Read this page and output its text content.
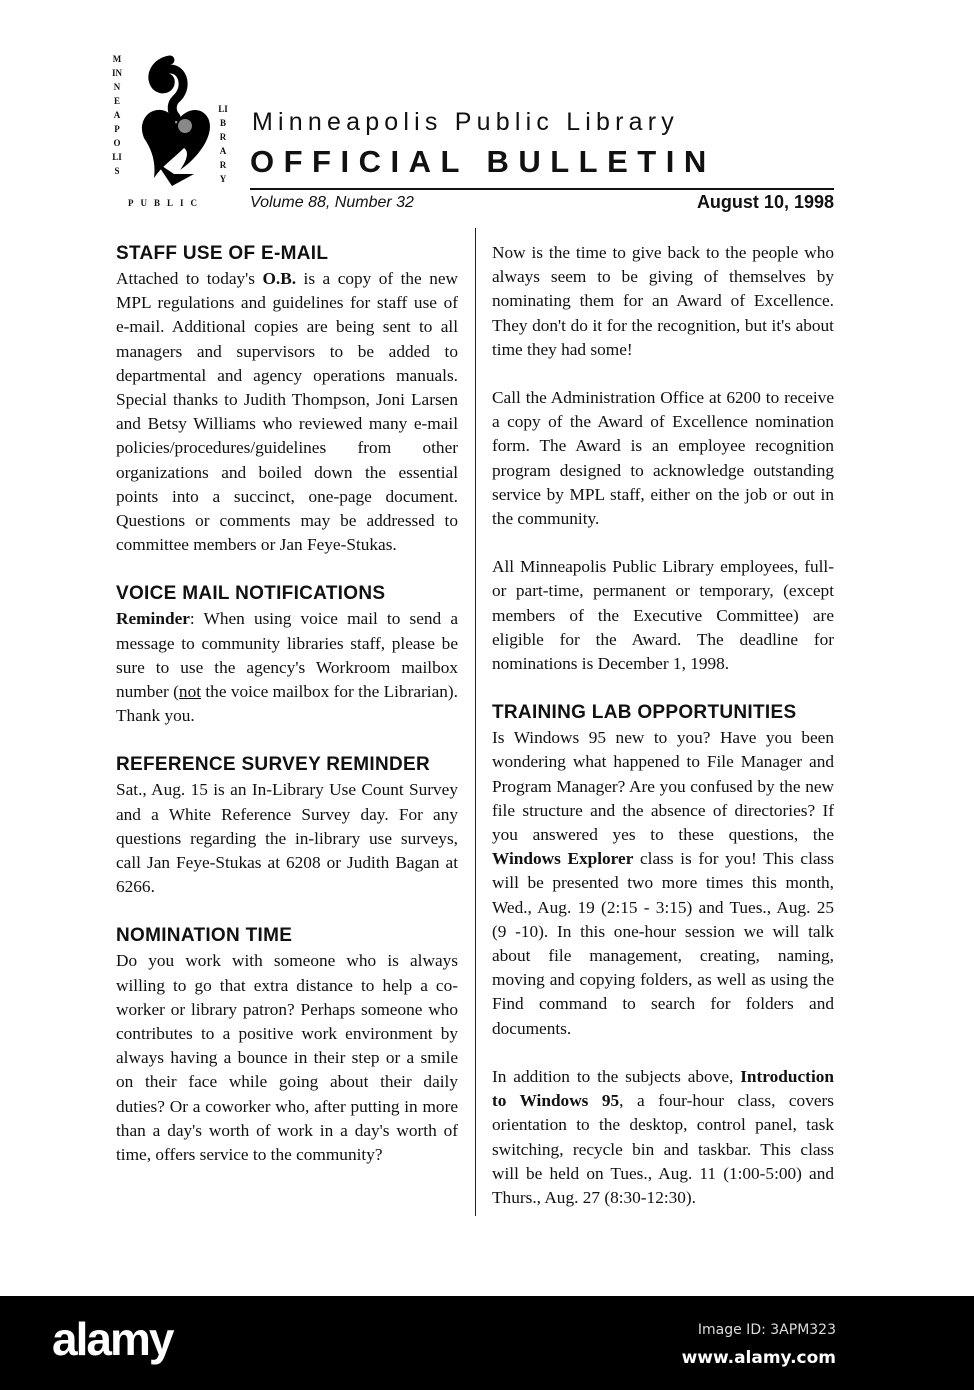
MINNEAPOLIS
LIBRARY
PUBLIC
Minneapolis Public Library
OFFICIAL BULLETIN
Volume 88, Number 32	August 10, 1998
STAFF USE OF E-MAIL

Attached to today's O.B. is a copy of the new MPL regulations and guidelines for staff use of e-mail. Additional copies are being sent to all managers and supervisors to be added to departmental and agency operations manuals. Special thanks to Judith Thompson, Joni Larsen and Betsy Williams who reviewed many e-mail policies/procedures/guidelines from other organizations and boiled down the essential points into a succinct, one-page document. Questions or comments may be addressed to committee members or Jan Feye-Stukas.

VOICE MAIL NOTIFICATIONS

Reminder: When using voice mail to send a message to community libraries staff, please be sure to use the agency's Workroom mailbox number (not the voice mailbox for the Librarian). Thank you.

REFERENCE SURVEY REMINDER

Sat., Aug. 15 is an In-Library Use Count Survey and a White Reference Survey day. For any questions regarding the in-library use surveys, call Jan Feye-Stukas at 6208 or Judith Bagan at 6266.

NOMINATION TIME

Do you work with someone who is always willing to go that extra distance to help a co-worker or library patron? Perhaps someone who contributes to a positive work environment by always having a bounce in their step or a smile on their face while going about their daily duties? Or a coworker who, after putting in more than a day's worth of work in a day's worth of time, offers service to the community?

Now is the time to give back to the people who always seem to be giving of themselves by nominating them for an Award of Excellence. They don't do it for the recognition, but it's about time they had some!

Call the Administration Office at 6200 to receive a copy of the Award of Excellence nomination form. The Award is an employee recognition program designed to acknowledge outstanding service by MPL staff, either on the job or out in the community.

All Minneapolis Public Library employees, full- or part-time, permanent or temporary, (except members of the Executive Committee) are eligible for the Award. The deadline for nominations is December 1, 1998.

TRAINING LAB OPPORTUNITIES

Is Windows 95 new to you? Have you been wondering what happened to File Manager and Program Manager? Are you confused by the new file structure and the absence of directories? If you answered yes to these questions, the Windows Explorer class is for you! This class will be presented two more times this month, Wed., Aug. 19 (2:15 - 3:15) and Tues., Aug. 25 (9 -10). In this one-hour session we will talk about file management, creating, naming, moving and copying folders, as well as using the Find command to search for folders and documents.

In addition to the subjects above, Introduction to Windows 95, a four-hour class, covers orientation to the desktop, control panel, task switching, recycle bin and taskbar. This class will be held on Tues., Aug. 11 (1:00-5:00) and Thurs., Aug. 27 (8:30-12:30).

alamy	Image ID: 3APM323
www.alamy.com
